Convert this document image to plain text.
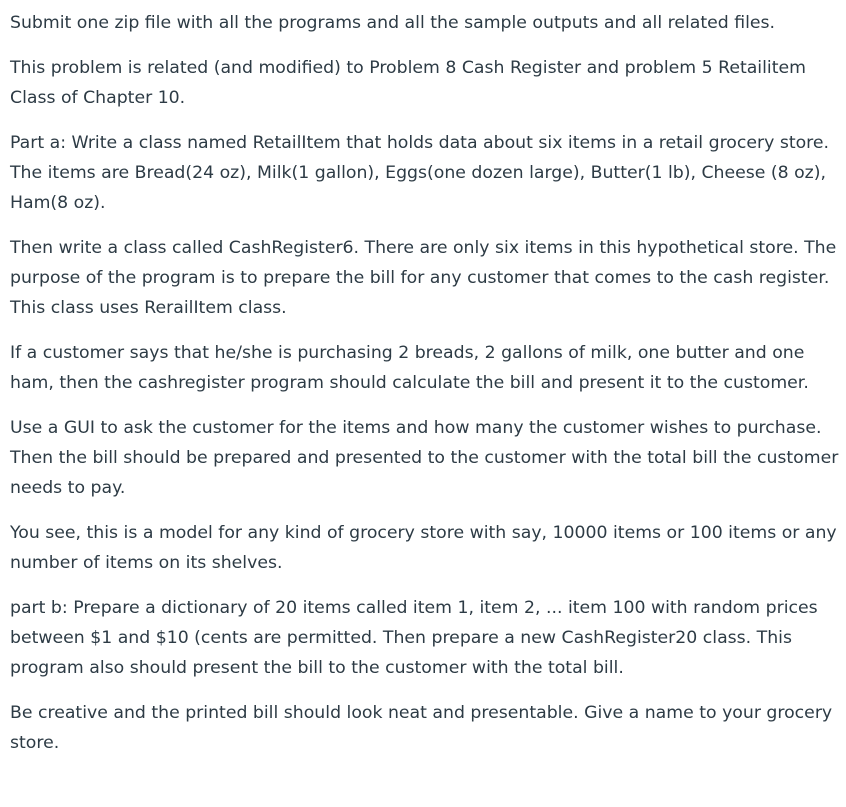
Submit one zip file with all the programs and all the sample outputs and all related files.

This problem is related (and modified) to Problem 8 Cash Register and problem 5 Retailitem Class of Chapter 10.

Part a: Write a class named RetailItem that holds data about six items in a retail grocery store. The items are Bread(24 oz), Milk(1 gallon), Eggs(one dozen large), Butter(1 lb), Cheese (8 oz), Ham(8 oz).

Then write a class called CashRegister6. There are only six items in this hypothetical store. The purpose of the program is to prepare the bill for any customer that comes to the cash register. This class uses RerailItem class.

If a customer says that he/she is purchasing 2 breads, 2 gallons of milk, one butter and one ham, then the cashregister program should calculate the bill and present it to the customer.

Use a GUI to ask the customer for the items and how many the customer wishes to purchase. Then the bill should be prepared and presented to the customer with the total bill the customer needs to pay.

You see, this is a model for any kind of grocery store with say, 10000 items or 100 items or any number of items on its shelves.

part b: Prepare a dictionary of 20 items called item 1, item 2, ... item 100 with random prices between $1 and $10 (cents are permitted. Then prepare a new CashRegister20 class. This program also should present the bill to the customer with the total bill.

Be creative and the printed bill should look neat and presentable. Give a name to your grocery store.
